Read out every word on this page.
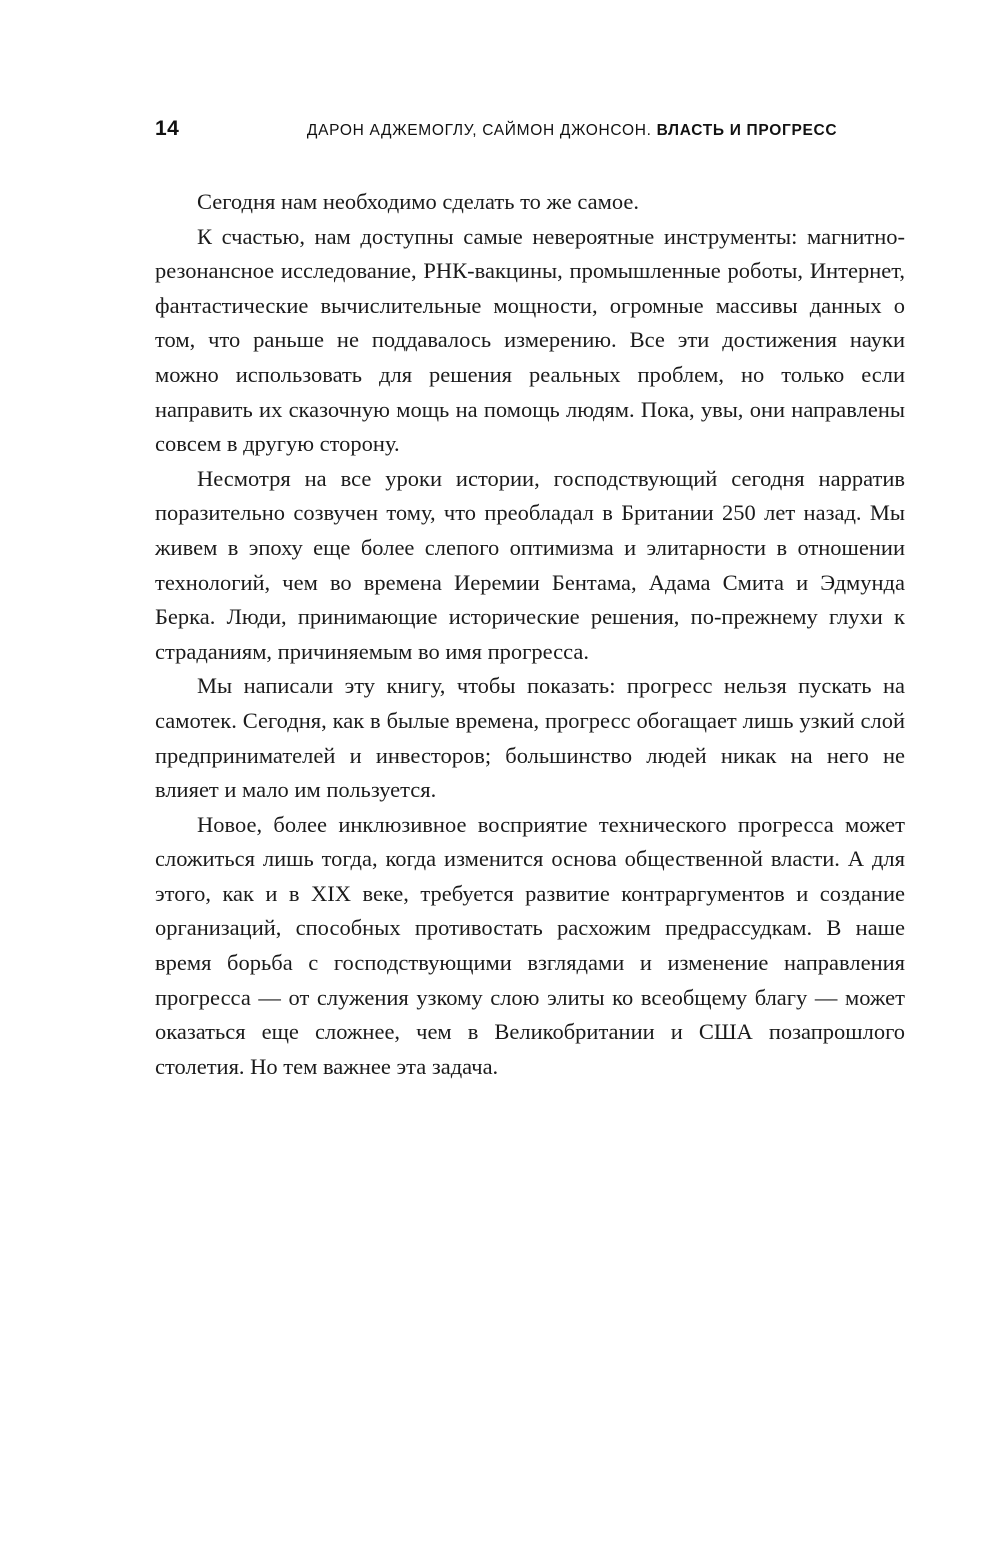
14	ДАРОН АДЖЕМОГЛУ, САЙМОН ДЖОНСОН. ВЛАСТЬ И ПРОГРЕСС

Сегодня нам необходимо сделать то же самое.

К счастью, нам доступны самые невероятные инструменты: магнитно-резонансное исследование, РНК-вакцины, промышленные роботы, Интернет, фантастические вычислительные мощности, огромные массивы данных о том, что раньше не поддавалось измерению. Все эти достижения науки можно использовать для решения реальных проблем, но только если направить их сказочную мощь на помощь людям. Пока, увы, они направлены совсем в другую сторону.

Несмотря на все уроки истории, господствующий сегодня нарратив поразительно созвучен тому, что преобладал в Британии 250 лет назад. Мы живем в эпоху еще более слепого оптимизма и элитарности в отношении технологий, чем во времена Иеремии Бентама, Адама Смита и Эдмунда Берка. Люди, принимающие исторические решения, по-прежнему глухи к страданиям, причиняемым во имя прогресса.

Мы написали эту книгу, чтобы показать: прогресс нельзя пускать на самотек. Сегодня, как в былые времена, прогресс обогащает лишь узкий слой предпринимателей и инвесторов; большинство людей никак на него не влияет и мало им пользуется.

Новое, более инклюзивное восприятие технического прогресса может сложиться лишь тогда, когда изменится основа общественной власти. А для этого, как и в XIX веке, требуется развитие контраргументов и создание организаций, способных противостать расхожим предрассудкам. В наше время борьба с господствующими взглядами и изменение направления прогресса — от служения узкому слою элиты ко всеобщему благу — может оказаться еще сложнее, чем в Великобритании и США позапрошлого столетия. Но тем важнее эта задача.
